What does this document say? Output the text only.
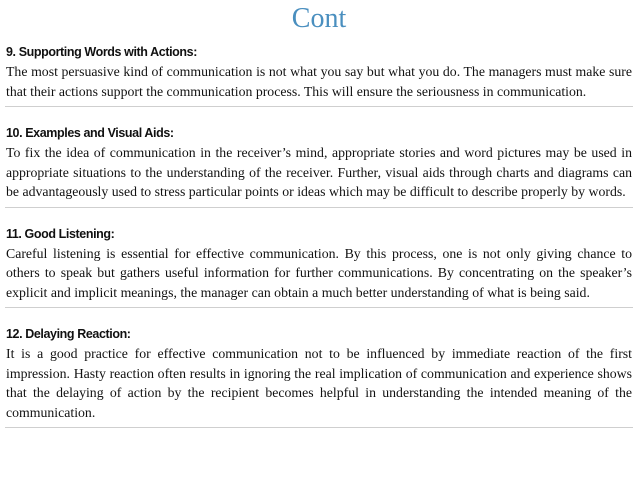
Cont
9. Supporting Words with Actions:

The most persuasive kind of communication is not what you say but what you do. The managers must make sure that their actions support the communication process. This will ensure the seriousness in communication.

10. Examples and Visual Aids:

To fix the idea of communication in the receiver’s mind, appropriate stories and word pictures may be used in appropriate situations to the understanding of the receiver. Further, visual aids through charts and diagrams can be advantageously used to stress particular points or ideas which may be difficult to describe properly by words.

11. Good Listening:

Careful listening is essential for effective communication. By this process, one is not only giving chance to others to speak but gathers useful information for further communications. By concentrating on the speaker’s explicit and implicit meanings, the manager can obtain a much better understanding of what is being said.

12. Delaying Reaction:

It is a good practice for effective communication not to be influenced by immediate reaction of the first impression. Hasty reaction often results in ignoring the real implication of communication and experience shows that the delaying of action by the recipient becomes helpful in understanding the intended meaning of the communication.
